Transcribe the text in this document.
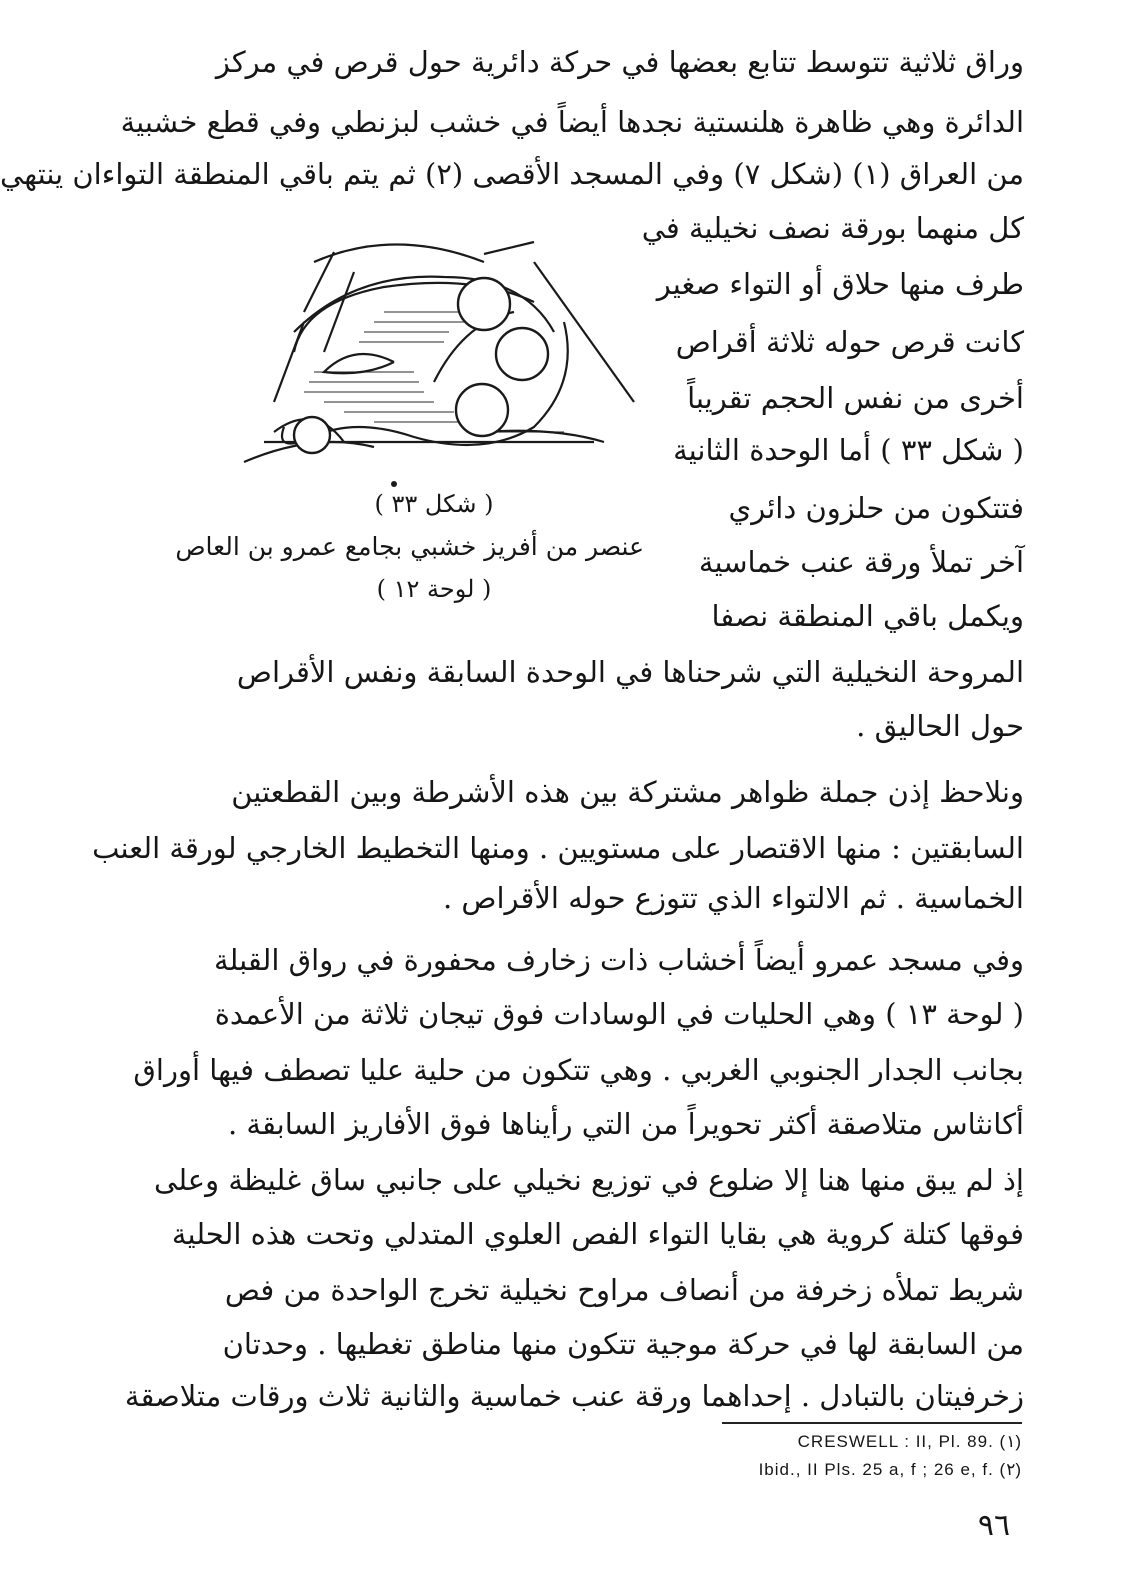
وراق ثلاثية تتوسط تتابع بعضها في حركة دائرية حول قرص في مركز
الدائرة وهي ظاهرة هلنستية نجدها أيضاً في خشب لبزنطي وفي قطع خشبية
من العراق (١) (شكل ٧) وفي المسجد الأقصى (٢) ثم يتم باقي المنطقة التواءان ينتهي
كل منهما بورقة نصف نخيلية في
طرف منها حلاق أو التواء صغير
كانت قرص حوله ثلاثة أقراص
أخرى من نفس الحجم تقريباً
( شكل ٣٣ ) أما الوحدة الثانية
فتتكون من حلزون دائري
آخر تملأ ورقة عنب خماسية
ويكمل باقي المنطقة نصفا
( شكل ٣٣ )
عنصر من أفريز خشبي بجامع عمرو بن العاص
( لوحة ١٢ )
المروحة النخيلية التي شرحناها في الوحدة السابقة ونفس الأقراص
حول الحاليق .
ونلاحظ إذن جملة ظواهر مشتركة بين هذه الأشرطة وبين القطعتين
السابقتين : منها الاقتصار على مستويين . ومنها التخطيط الخارجي لورقة العنب
الخماسية . ثم الالتواء الذي تتوزع حوله الأقراص .
وفي مسجد عمرو أيضاً أخشاب ذات زخارف محفورة في رواق القبلة
( لوحة ١٣ ) وهي الحليات في الوسادات فوق تيجان ثلاثة من الأعمدة
بجانب الجدار الجنوبي الغربي . وهي تتكون من حلية عليا تصطف فيها أوراق
أكانثاس متلاصقة أكثر تحويراً من التي رأيناها فوق الأفاريز السابقة .
إذ لم يبق منها هنا إلا ضلوع في توزيع نخيلي على جانبي ساق غليظة وعلى
فوقها كتلة كروية هي بقايا التواء الفص العلوي المتدلي وتحت هذه الحلية
شريط تملأه زخرفة من أنصاف مراوح نخيلية تخرج الواحدة من فص
من السابقة لها في حركة موجية تتكون منها مناطق تغطيها . وحدتان
زخرفيتان بالتبادل . إحداهما ورقة عنب خماسية والثانية ثلاث ورقات متلاصقة
CRESWELL : II, Pl. 89. (١)
Ibid., II Pls. 25 a, f ; 26 e, f. (٢)
٩٦
